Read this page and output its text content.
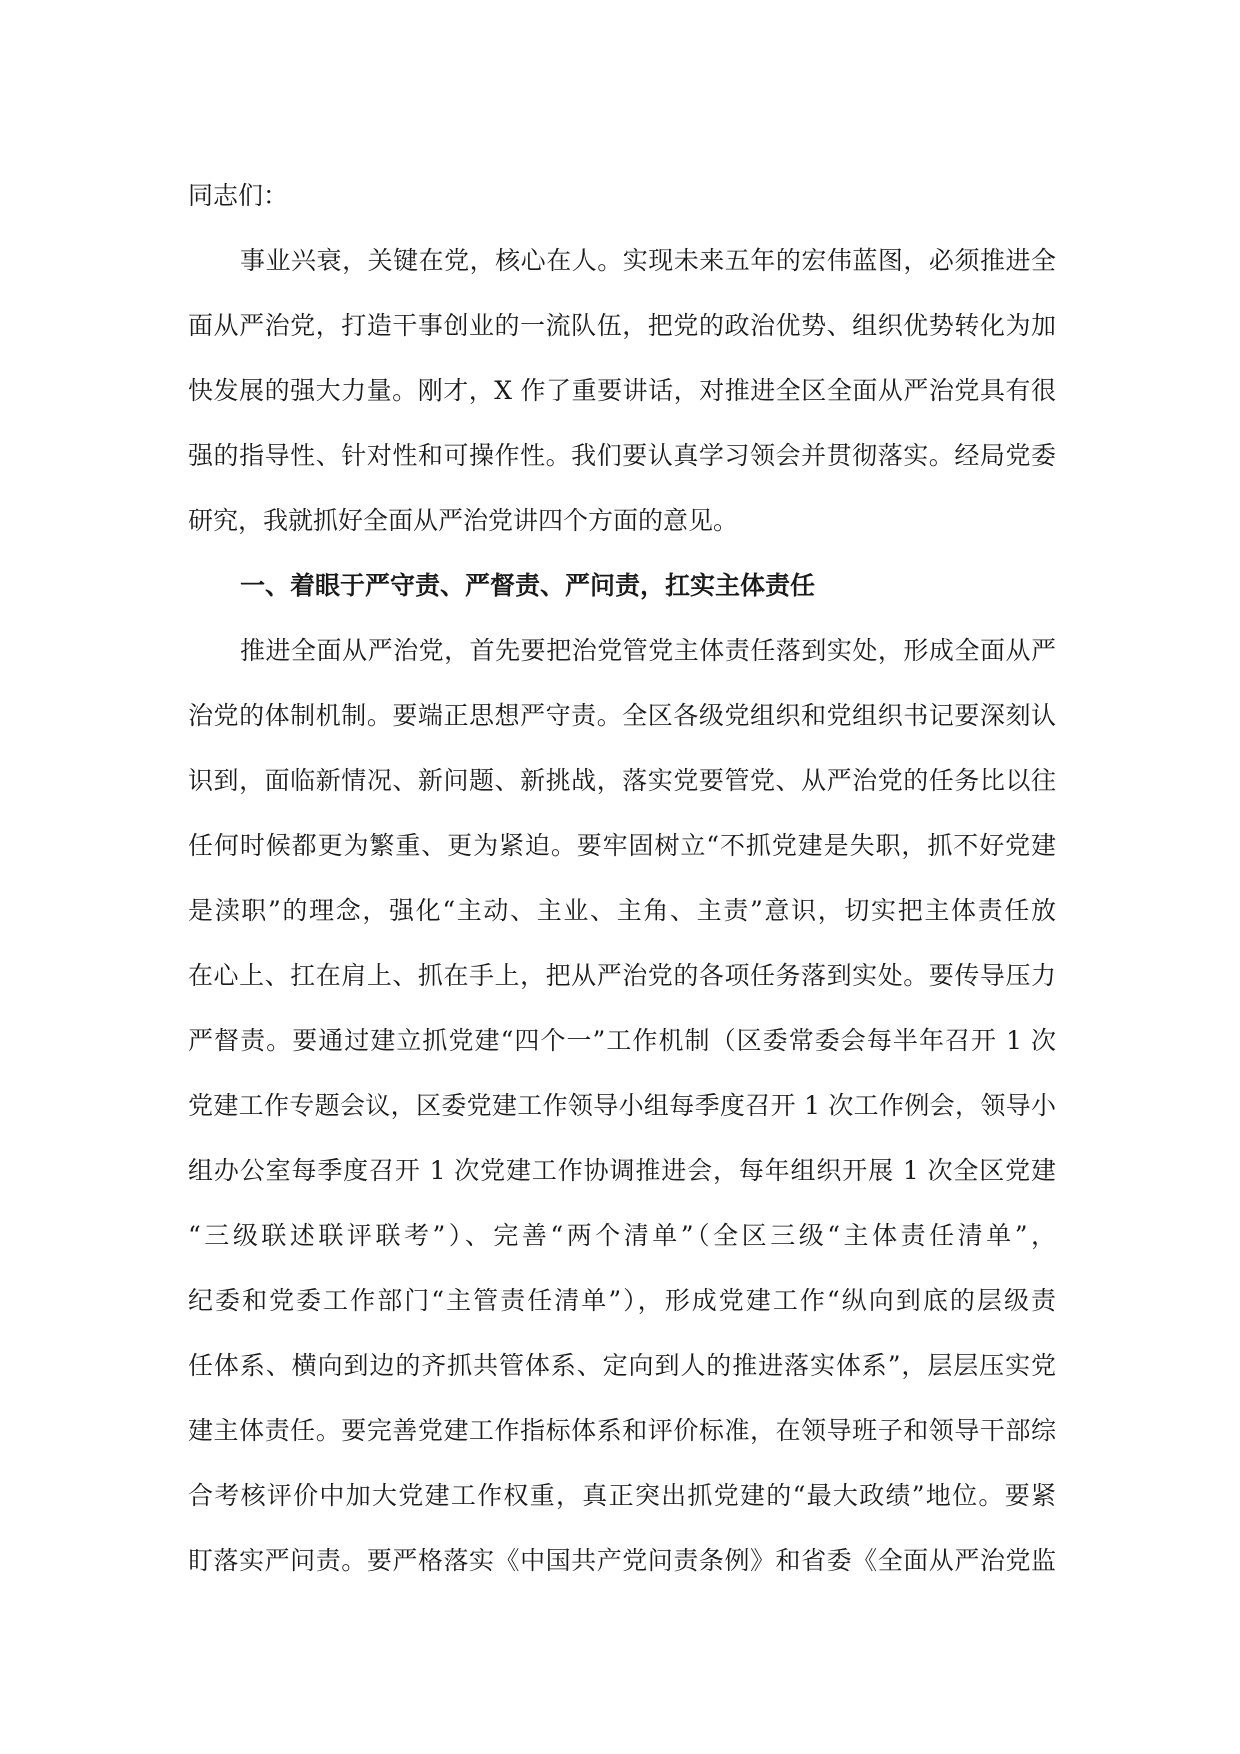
同志们：
事业兴衰，关键在党，核心在人。实现未来五年的宏伟蓝图，必须推进全
面从严治党，打造干事创业的一流队伍，把党的政治优势、组织优势转化为加
快发展的强大力量。刚才，X 作了重要讲话，对推进全区全面从严治党具有很
强的指导性、针对性和可操作性。我们要认真学习领会并贯彻落实。经局党委
研究，我就抓好全面从严治党讲四个方面的意见。
一、着眼于严守责、严督责、严问责，扛实主体责任
推进全面从严治党，首先要把治党管党主体责任落到实处，形成全面从严
治党的体制机制。要端正思想严守责。全区各级党组织和党组织书记要深刻认
识到，面临新情况、新问题、新挑战，落实党要管党、从严治党的任务比以往
任何时候都更为繁重、更为紧迫。要牢固树立“不抓党建是失职，抓不好党建
是渎职”的理念，强化“主动、主业、主角、主责”意识，切实把主体责任放
在心上、扛在肩上、抓在手上，把从严治党的各项任务落到实处。要传导压力
严督责。要通过建立抓党建“四个一”工作机制（区委常委会每半年召开 1 次
党建工作专题会议，区委党建工作领导小组每季度召开 1 次工作例会，领导小
组办公室每季度召开 1 次党建工作协调推进会，每年组织开展 1 次全区党建
“三级联述联评联考”）、完善“两个清单”（全区三级“主体责任清单”，
纪委和党委工作部门“主管责任清单”），形成党建工作“纵向到底的层级责
任体系、横向到边的齐抓共管体系、定向到人的推进落实体系”，层层压实党
建主体责任。要完善党建工作指标体系和评价标准，在领导班子和领导干部综
合考核评价中加大党建工作权重，真正突出抓党建的“最大政绩”地位。要紧
盯落实严问责。要严格落实《中国共产党问责条例》和省委《全面从严治党监
